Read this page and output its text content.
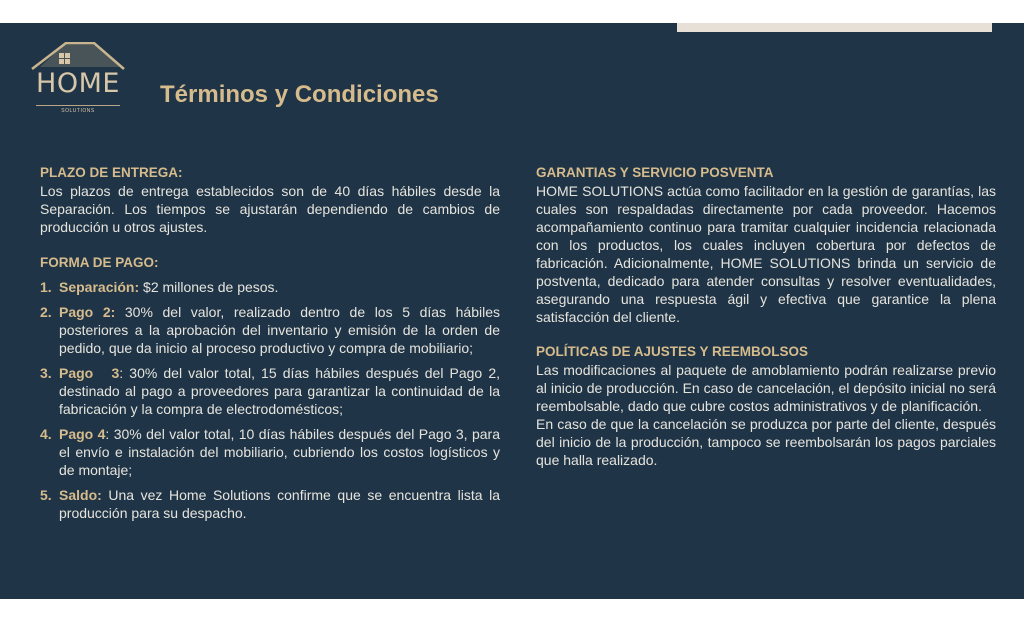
HOME
SOLUTIONS
Términos y Condiciones
PLAZO DE ENTREGA:
Los plazos de entrega establecidos son de 40 días hábiles desde la Separación. Los tiempos se ajustarán dependiendo de cambios de producción u otros ajustes.
FORMA DE PAGO:
1. Separación: $2 millones de pesos.
2. Pago 2: 30% del valor, realizado dentro de los 5 días hábiles posteriores a la aprobación del inventario y emisión de la orden de pedido, que da inicio al proceso productivo y compra de mobiliario;
3. Pago   3: 30% del valor total, 15 días hábiles después del Pago 2, destinado al pago a proveedores para garantizar la continuidad de la fabricación y la compra de electrodomésticos;
4. Pago 4: 30% del valor total, 10 días hábiles después del Pago 3, para el envío e instalación del mobiliario, cubriendo los costos logísticos y de montaje;
5. Saldo: Una vez Home Solutions confirme que se encuentra lista la producción para su despacho.
GARANTIAS Y SERVICIO POSVENTA
HOME SOLUTIONS actúa como facilitador en la gestión de garantías, las cuales son respaldadas directamente por cada proveedor. Hacemos acompañamiento continuo para tramitar cualquier incidencia relacionada con los productos, los cuales incluyen cobertura por defectos de fabricación. Adicionalmente, HOME SOLUTIONS brinda un servicio de postventa, dedicado para atender consultas y resolver eventualidades, asegurando una respuesta ágil y efectiva que garantice la plena satisfacción del cliente.
POLÍTICAS DE AJUSTES Y REEMBOLSOS
Las modificaciones al paquete de amoblamiento podrán realizarse previo al inicio de producción. En caso de cancelación, el depósito inicial no será reembolsable, dado que cubre costos administrativos y de planificación.
En caso de que la cancelación se produzca por parte del cliente, después del inicio de la producción, tampoco se reembolsarán los pagos parciales que halla realizado.
